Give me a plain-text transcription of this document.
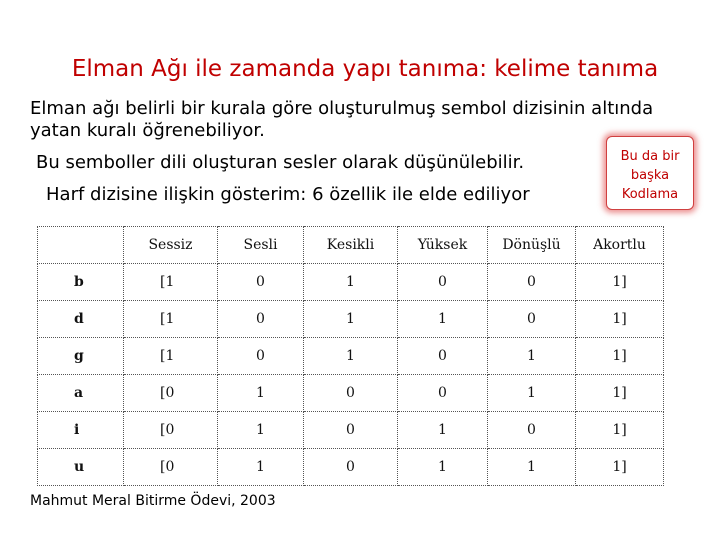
Elman Ağı ile zamanda yapı tanıma: kelime tanıma
Elman ağı belirli bir kurala göre oluşturulmuş sembol dizisinin altında yatan kuralı öğrenebiliyor.
Bu semboller dili oluşturan sesler olarak düşünülebilir.
Harf dizisine ilişkin gösterim: 6 özellik ile elde ediliyor
Bu da bir
başka
Kodlama
	Sessiz	Sesli	Kesikli	Yüksek	Dönüşlü	Akortlu
b	[1	0	1	0	0	1]
d	[1	0	1	1	0	1]
g	[1	0	1	0	1	1]
a	[0	1	0	0	1	1]
i	[0	1	0	1	0	1]
u	[0	1	0	1	1	1]
Mahmut Meral Bitirme Ödevi, 2003
